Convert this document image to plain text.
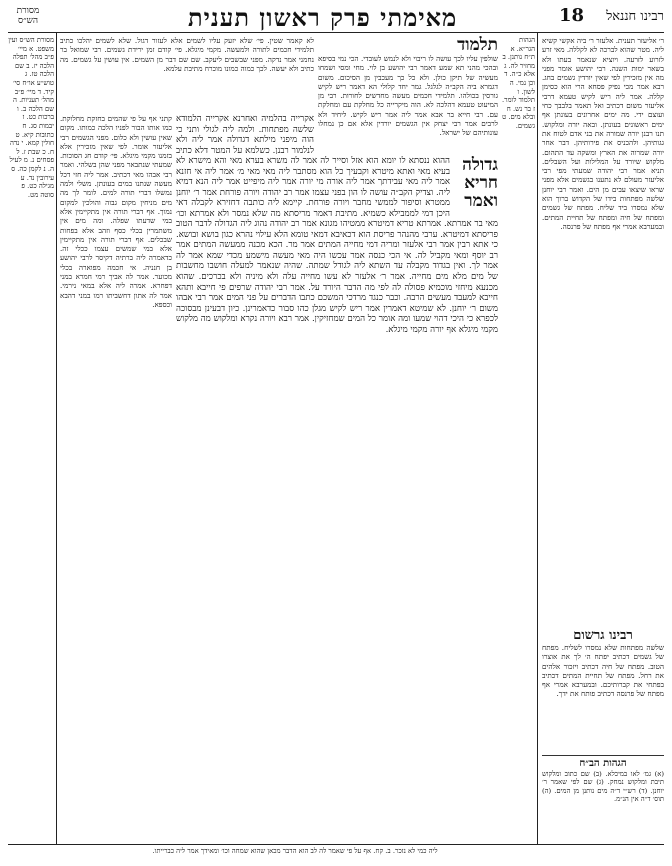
רבינו חננאל
18
מאימתי פרק ראשון תענית
מסורת הש״ס

ר׳ אליעזר תענית. אלעזר ר׳ ביה אקשי קשיא ליה. מטר שהוא לברכה לא לקללה. מאי זרע לזרוע לזרעה. ויוציא שנאמר בעתו ולא בשאר ימות השנה. רבי יהושע אומר מפני מה אין מזכירין לפי שאין יורדין גשמים בחג. רבא אמר מכי נפיק פסחא הרי הוא כסימן קללה. אמר ליה ריש לקיש טעמא דרבי אליעזר משום דכתיב ואל תאמר בלבבך כחי ועוצם ידי. מה ימים אחרונים בעונתן אף ימים ראשונים בעונתן. ובאה יורה ומלקוש. תנו רבנן יורה שמורה את בני אדם לטוח את גגותיהן. ולהכניס את פירותיהן. דבר אחר יורה שמרוה את הארץ ומשקה עד התהום. מלקוש שיורד על המלילות ועל השבלים. תניא אמר רבי יהודה שמעתי מפי רבי אליעזר מעולם לא נתענו בגשמים אלא מפני שראו שיצאו עבים מן הים. ואמר רבי יוחנן שלשה מפתחות בידו של הקדוש ברוך הוא שלא נמסרו ביד שליח. מפתח של גשמים ומפתח של חיה ומפתח של תחיית המתים. ובמערבא אמרי אף מפתח של פרנסה.

רבינו גרשום
שלשה מפתחות שלא נמסרו לשליח. מפתח של גשמים דכתיב יפתח ה׳ לך את אוצרו הטוב. מפתח של חיה דכתיב ויזכור אלהים את רחל. מפתח של תחיית המתים דכתיב בפתחי את קברותיכם. ובמערבא אמרי אף מפתח של פרנסה דכתיב פותח את ידך.
הגהות הב״ח
(א) גמ׳ לאו במיכלא. (ב) שם כתוב ומלקוש תיבת ומלקוש נמחק. (ג) שם לפי שאמר ר׳ יוחנן. (ד) רש״י ד״ה מים נותנן מן המים. (ה) תוס׳ ד״ה אין הנ״מ.

מסורת הש״ס ועין משפט. א מיי׳ פ״ב מהל׳ תפלה הלכה יז. ב שם הלכה טז. ג טוש״ע או״ח סי׳ קיד. ד מיי׳ פ״ב מהל׳ תעניות. ה שם הלכה ב. ו ברכות כט. ז יבמות סג. ח כתובות קיא. ט חולין קמא. י נדה ח. כ שבת ז. ל פסחים נ. מ לעיל ה. נ לקמן כה. ס עירובין נד. ע מגילה כט. פ סוטה מט.

הגהות הגר״א. א ת״ח נותנן. ב מחזיר לה. ג אלא כ״ה. ד וכן נמי. ה לשון. ו תלמוד לומר. ז בר נש. ח ובלא מים. ט גשמים.

לא קאמר שטין. פי׳ שלא יזעק עליו לשמים אלא לעזור דגול. שלא לשמים יהלכו כתיב תלמידי חכמים לתורה ולמעשה. מקמי מיגלא. פי׳ קודם זמן ירידת גשמים. רבי שמואל בר נחמני אמר נדקה. מפני שבשבים ליעקב. שם שם דבר מן השמים. אין עושין על גשמים. מה כתיב ולא יעשה. לכך כמוה כמונו מוכרח מתיבת עלמא.

תלמוד
שולפין עליו לכך עושה לו ריבוי ולא לנמש לעובדי. הכי נמי בסיפא ובהכי מהני תא שמע דאמר רבי יהושע בן לוי. מחי ומסי ושמחו מעשיה של תיקן כולן. ולא כל כך מעכבין מן הסיכום. משום דגמרא ביה הקב״ה לגלגל. גמר יחד קלולי הא דאמר ריש לקיש גורסין בכולהו. תלמידי חכמים מעשה מחדשים לחורות. רבי מן המיעוט טעמא דהלכה לא. הוה מיקרייה כל מחלקת עם ומחלקת עם. רבי חייא בר אבא אמר ליה אמר ריש לקיש. ליחיד ולא לרבים אמר רבי יצחק אין הגשמים יורדין אלא אם כן נמחלו עונותיהם של ישראל.

אקרייה בהלמיה ואחרנא אקרייה הלמודא שלשה מפתחות. ולמה ליה לגולי ותני כי הוה מיפני מילתא דגדולה אמר ליה ולא לנלמור רבנן. כשלמא על המטר דלא כתיב

גדולה
חריא
ואמר

ההוא ננסתא לו יומא הוא אזל וסייר לה אמר לה משרא בערא מאי והא מישרא לא בעיא מאי ואתא מיטרא וקבעיך כל הוא מסתבר ליה מאי מאי מ׳ אמר ליה אי חזנא אמר ליה מאי עבידתך אמר ליה אורה מי יורה אמר ליה מיפייט אמר ליה הנא דמיא ליה. וצדיק הקב״ה עושה לו הון בפני עצמו אמר רב יהודה ויורה פורחת אמר ר׳ יוחנן ממטרא וסיפור לממשי מחבר ויורה פורחת. קיימא ליה כותבה דחזירא לקבלה דאי היכן דמי לממבילא כשמיא. מתיבת דאמר מריסתא מה שלא נמסר ולא אמרתא וכו׳ מאי בר אמרתא. אמרתא טריא דמיטרא ממטיהו מגונא אמר רב יהודה נהוג ליה הגדולה לדבר הטוב פריסתא דמיטרא. ערבי מהנהר פריסת הוא דכאיבא דמאי טומא הלא עילוי נהרא כגון בושא ובושא. כי אתא רבין אמר רבי אלעזר ומריה דמי מחייה המתים אמר מר. הכא מכנה ממעשה המתים אמר רב יוסף ומאי מקביל לה. אי הכי כנסה אמר עכשו היה מאי מעשה מישמע מכדי שמא אמר לה אמר לך. ואין בגדוד מקבלה עד השתא ליה לגודל שמתה. שהיה שנאמר למעלה חושבו מחשבות של מים מלא מים מחייה. אמר ר׳ אלעזר לא עשו מחייה עלה ולא מיניה ולא בכרכים. שהוא מכנעא מיחזי מוכמיא פסולה לה לפי מה הדבר היורד על. אמר רבי יהודה שרפים פי חייבא ותהא חייבא למעבד מעשים הרבה. וכבר כנגד מרדכי המשכם כתבו הדברים על פני המים אמר רבי אבהו משום ר׳ יוחנן. לא שמיטא דאמרין אמר ריש לקיש מגלן כהו סבור כדאמרינן. כיון דבעינן מבסוכה לכפרא כי היכי דהוי שמעו ומה אומר כל המים שמחזיקין. אמר רבא ויורה נקרא ומלקוש מה מלקוש מקמי מיגלא אף יורה מקמי מיגלא.

קתני אף על פי שהמים בחזקת מחלוקת. כמו אותו הבור לפניו הלכה כמותו. מקום שאין עושין ולא כלום. מפני הגשמים רבי אליעזר אומר. לפי שאין מזכירין אלא בזמנו מקמי מיגלא. פי׳ קודם חג הסוכות. שמעתי שנתבאר מפני שהן בשלהי. ואמר רבי אבהו מאי דכתיב. אמר ליה חזי דכל מעשה שנתנו במים בעונתן. משלי ולמה נמשלו דברי תורה למים. לומר לך מה מים מניחין מקום גבוה והולכין למקום נמוך. אף דברי תורה אין מתקיימין אלא במי שדעתו שפלה. ומה מים אין משתמרין בכלי כסף וזהב אלא בפחות שבכלים. אף דברי תורה אין מתקיימין אלא במי שמשים עצמו ככלי זה. כדאמרה ליה ברתיה דקיסר לרבי יהושע בן חנניה. אי חכמה מפוארה בכלי מכוער. אמר לה אביך רמי חמרא במני דפחרא. אמרה ליה אלא במאי נירמי. אמר לה אתון דחשביתו רמו במני דהבא וכספא.

ליה כמי לא נזכר. ב. קח. אף על פי שאמר לה לב הוא הדבר מכאן שהוא שמחה וכו׳ ומאידך אמר ליה כברייתו.
